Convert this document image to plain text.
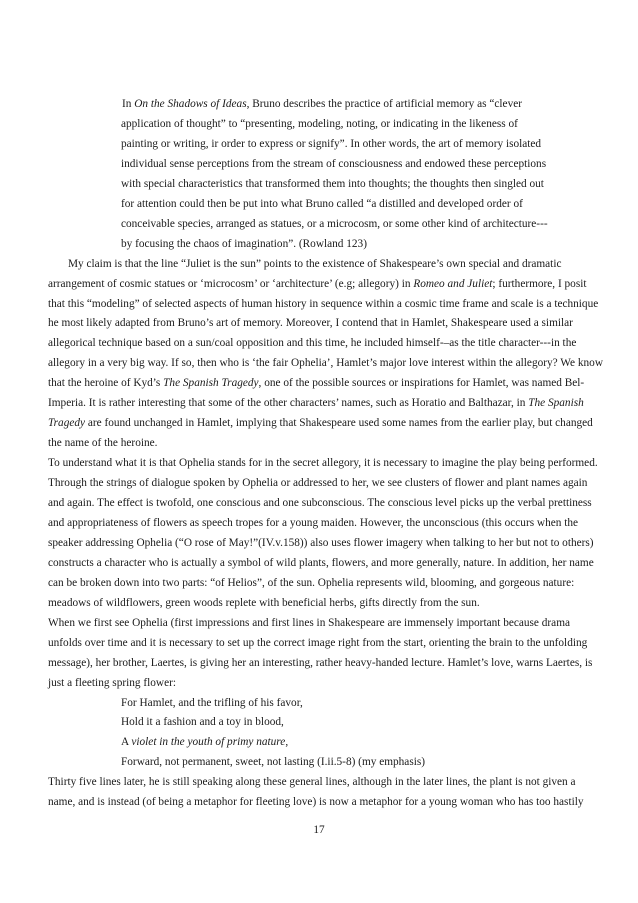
In On the Shadows of Ideas, Bruno describes the practice of artificial memory as “clever
application of thought” to “presenting, modeling, noting, or indicating in the likeness of
painting or writing, ir order to express or signify”. In other words, the art of memory isolated
individual sense perceptions from the stream of consciousness and endowed these perceptions
with special characteristics that transformed them into thoughts; the thoughts then singled out
for attention could then be put into what Bruno called “a distilled and developed order of
conceivable species, arranged as statues, or a microcosm, or some other kind of architecture---
by focusing the chaos of imagination”. (Rowland 123)
My claim is that the line “Juliet is the sun” points to the existence of Shakespeare’s own special and dramatic
arrangement of cosmic statues or ‘microcosm’ or ‘architecture’ (e.g; allegory) in Romeo and Juliet; furthermore, I posit
that this “modeling” of selected aspects of human history in sequence within a cosmic time frame and scale is a technique
he most likely adapted from Bruno’s art of memory. Moreover, I contend that in Hamlet, Shakespeare used a similar
allegorical technique based on a sun/coal opposition and this time, he included himself-–as the title character---in the
allegory in a very big way. If so, then who is ‘the fair Ophelia’, Hamlet’s major love interest within the allegory? We know
that the heroine of Kyd’s The Spanish Tragedy, one of the possible sources or inspirations for Hamlet, was named Bel-
Imperia. It is rather interesting that some of the other characters’ names, such as Horatio and Balthazar, in The Spanish
Tragedy are found unchanged in Hamlet, implying that Shakespeare used some names from the earlier play, but changed
the name of the heroine.
To understand what it is that Ophelia stands for in the secret allegory, it is necessary to imagine the play being performed.
Through the strings of dialogue spoken by Ophelia or addressed to her, we see clusters of flower and plant names again
and again. The effect is twofold, one conscious and one subconscious. The conscious level picks up the verbal prettiness
and appropriateness of flowers as speech tropes for a young maiden. However, the unconscious (this occurs when the
speaker addressing Ophelia (“O rose of May!”(IV.v.158)) also uses flower imagery when talking to her but not to others)
constructs a character who is actually a symbol of wild plants, flowers, and more generally, nature. In addition, her name
can be broken down into two parts: “of Helios”, of the sun. Ophelia represents wild, blooming, and gorgeous nature:
meadows of wildflowers, green woods replete with beneficial herbs, gifts directly from the sun.
When we first see Ophelia (first impressions and first lines in Shakespeare are immensely important because drama
unfolds over time and it is necessary to set up the correct image right from the start, orienting the brain to the unfolding
message), her brother, Laertes, is giving her an interesting, rather heavy-handed lecture. Hamlet’s love, warns Laertes, is
just a fleeting spring flower:
For Hamlet, and the trifling of his favor,
Hold it a fashion and a toy in blood,
A violet in the youth of primy nature,
Forward, not permanent, sweet, not lasting (I.ii.5-8) (my emphasis)
Thirty five lines later, he is still speaking along these general lines, although in the later lines, the plant is not given a
name, and is instead (of being a metaphor for fleeting love) is now a metaphor for a young woman who has too hastily
17
